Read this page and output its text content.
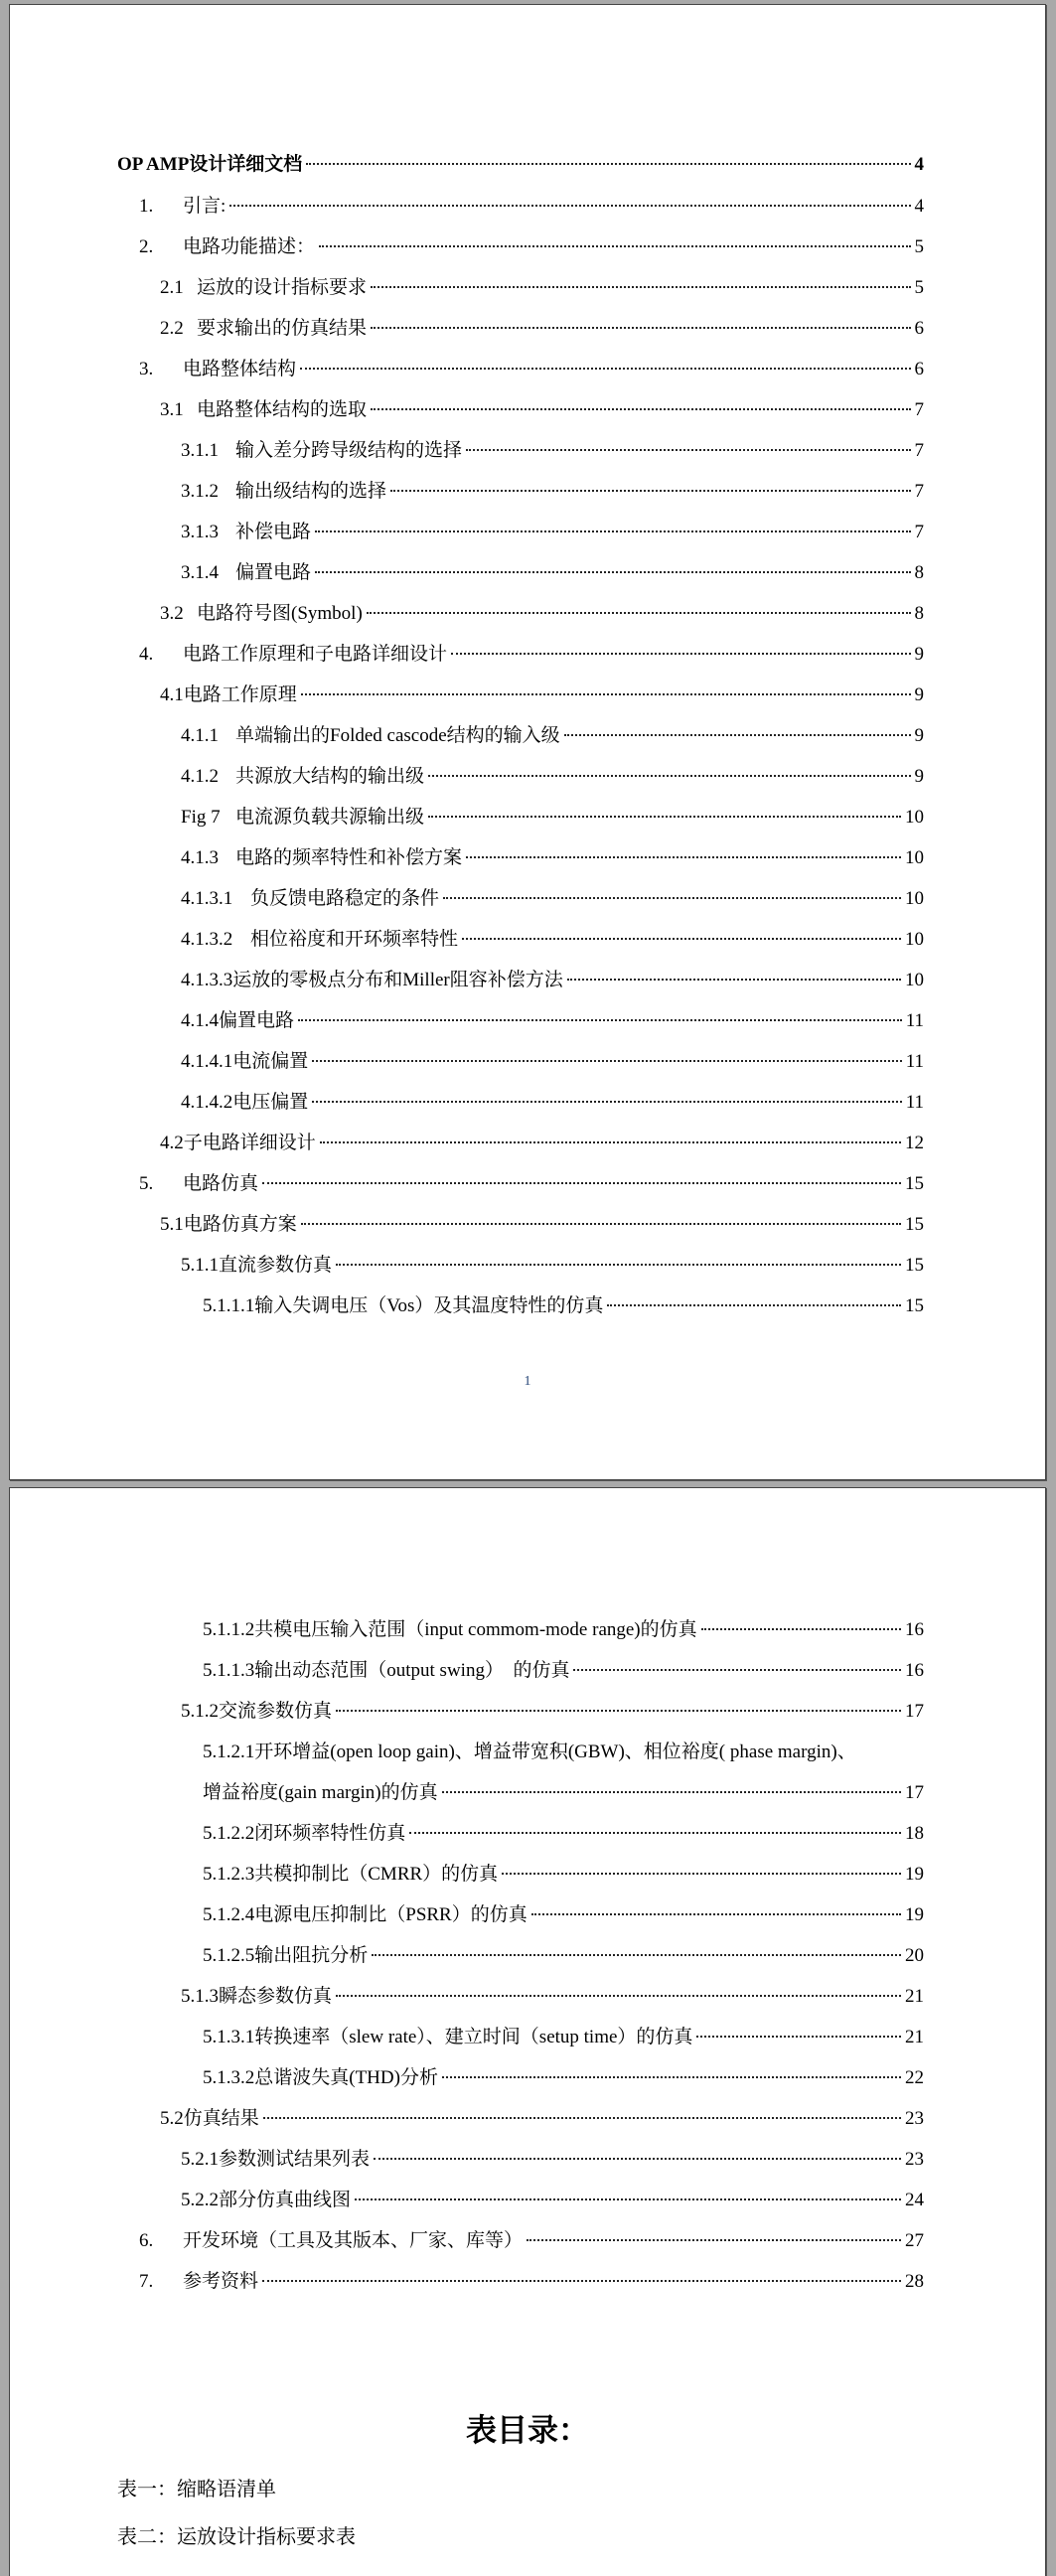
OP AMP设计详细文档	4
1. 引言:	4
2. 电路功能描述：	5
2.1 运放的设计指标要求	5
2.2 要求输出的仿真结果	6
3. 电路整体结构	6
3.1 电路整体结构的选取	7
3.1.1 输入差分跨导级结构的选择	7
3.1.2 输出级结构的选择	7
3.1.3 补偿电路	7
3.1.4 偏置电路	8
3.2 电路符号图(Symbol)	8
4. 电路工作原理和子电路详细设计	9
4.1电路工作原理	9
4.1.1 单端输出的Folded cascode结构的输入级	9
4.1.2 共源放大结构的输出级	9
Fig 7 电流源负载共源输出级	10
4.1.3 电路的频率特性和补偿方案	10
4.1.3.1 负反馈电路稳定的条件	10
4.1.3.2 相位裕度和开环频率特性	10
4.1.3.3运放的零极点分布和Miller阻容补偿方法	10
4.1.4偏置电路	11
4.1.4.1电流偏置	11
4.1.4.2电压偏置	11
4.2子电路详细设计	12
5. 电路仿真	15
5.1电路仿真方案	15
5.1.1直流参数仿真	15
5.1.1.1输入失调电压（Vos）及其温度特性的仿真	15
1
5.1.1.2共模电压输入范围（input commom-mode range)的仿真	16
5.1.1.3输出动态范围（output swing）  的仿真	16
5.1.2交流参数仿真	17
5.1.2.1开环增益(open loop gain)、增益带宽积(GBW)、相位裕度( phase margin)、
增益裕度(gain margin)的仿真	17
5.1.2.2闭环频率特性仿真	18
5.1.2.3共模抑制比（CMRR）的仿真	19
5.1.2.4电源电压抑制比（PSRR）的仿真	19
5.1.2.5输出阻抗分析	20
5.1.3瞬态参数仿真	21
5.1.3.1转换速率（slew rate）、建立时间（setup time）的仿真	21
5.1.3.2总谐波失真(THD)分析	22
5.2仿真结果	23
5.2.1参数测试结果列表	23
5.2.2部分仿真曲线图	24
6. 开发环境（工具及其版本、厂家、库等）	27
7. 参考资料	28
表目录：
表一：缩略语清单
表二：运放设计指标要求表
